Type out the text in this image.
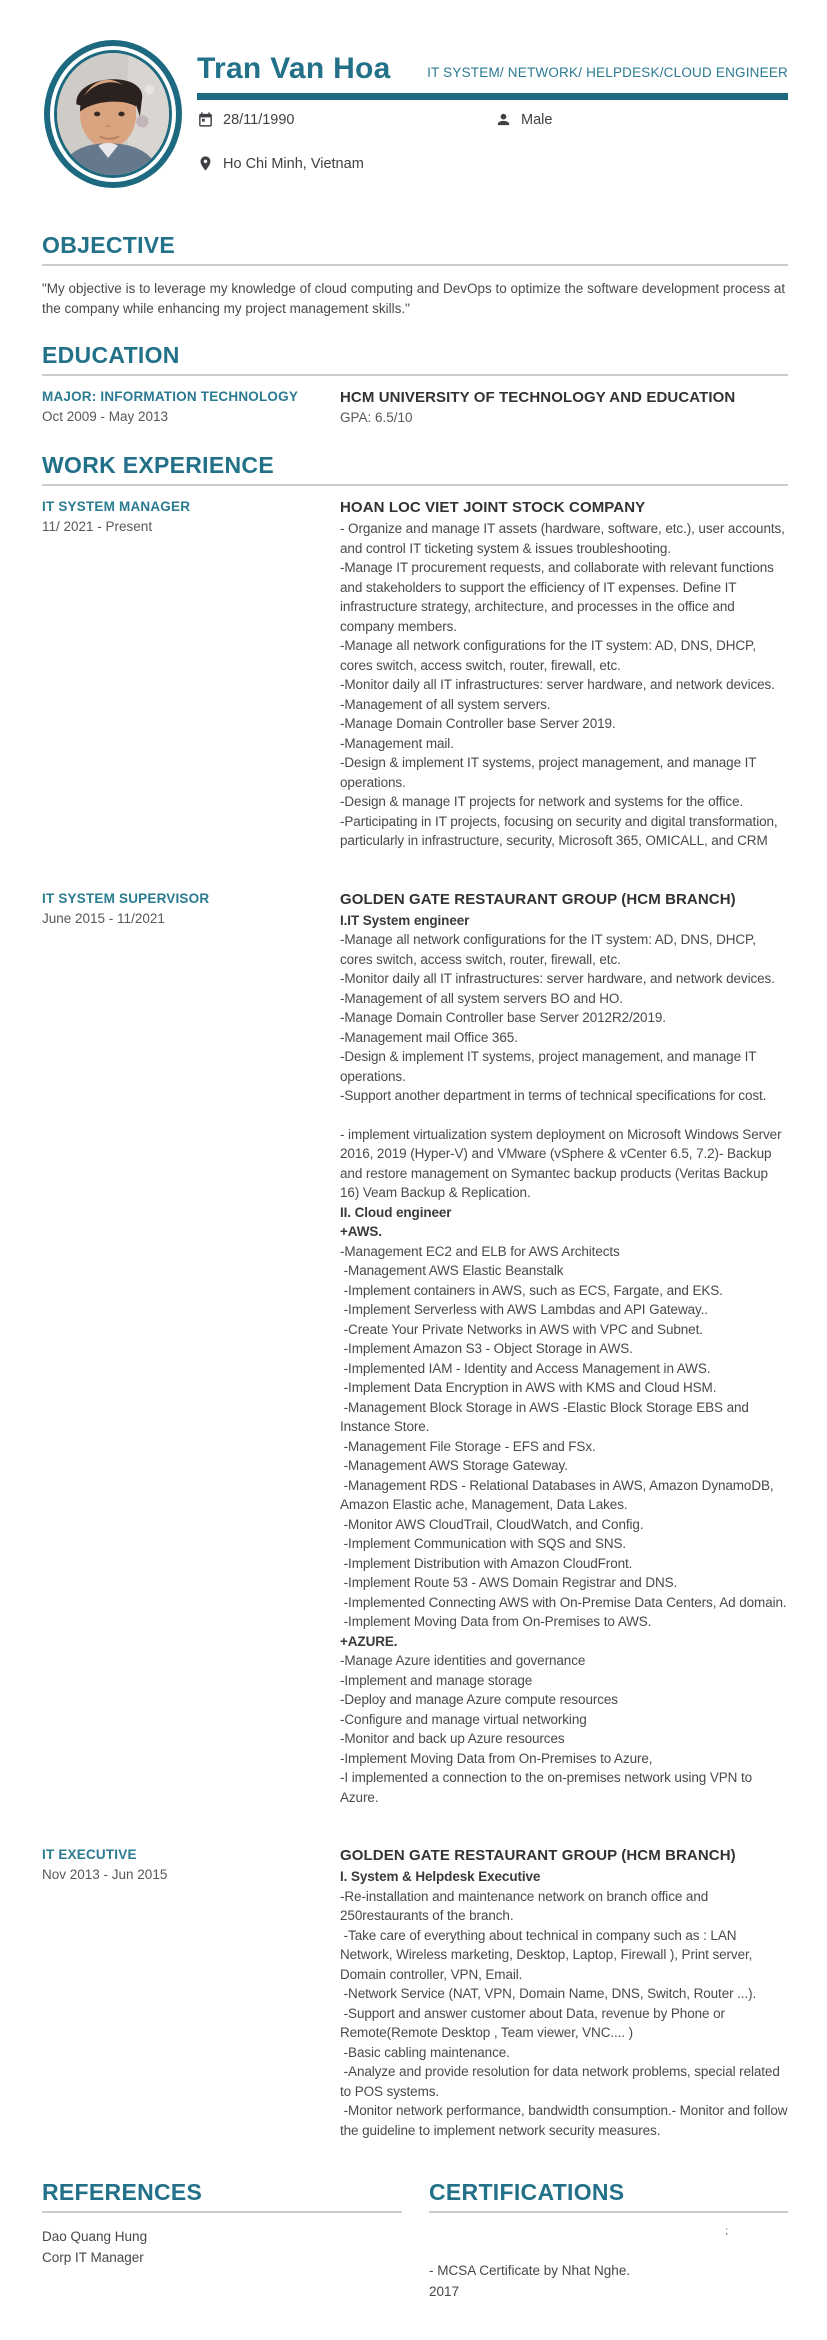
Tran Van Hoa	IT SYSTEM/ NETWORK/ HELPDESK/CLOUD ENGINEER
28/11/1990	Male
Ho Chi Minh, Vietnam
OBJECTIVE
"My objective is to leverage my knowledge of cloud computing and DevOps to optimize the software development process at the company while enhancing my project management skills."
EDUCATION
MAJOR: INFORMATION TECHNOLOGY
Oct 2009 - May 2013
HCM UNIVERSITY OF TECHNOLOGY AND EDUCATION
GPA: 6.5/10
WORK EXPERIENCE
IT SYSTEM MANAGER
11/ 2021 - Present
HOAN LOC VIET JOINT STOCK COMPANY
- Organize and manage IT assets (hardware, software, etc.), user accounts, and control IT ticketing system & issues troubleshooting.
-Manage IT procurement requests, and collaborate with relevant functions and stakeholders to support the efficiency of IT expenses. Define IT infrastructure strategy, architecture, and processes in the office and company members.
-Manage all network configurations for the IT system: AD, DNS, DHCP, cores switch, access switch, router, firewall, etc.
-Monitor daily all IT infrastructures: server hardware, and network devices.
-Management of all system servers.
-Manage Domain Controller base Server 2019.
-Management mail.
-Design & implement IT systems, project management, and manage IT operations.
-Design & manage IT projects for network and systems for the office.
-Participating in IT projects, focusing on security and digital transformation, particularly in infrastructure, security, Microsoft 365, OMICALL, and CRM
IT SYSTEM SUPERVISOR
June 2015 - 11/2021
GOLDEN GATE RESTAURANT GROUP (HCM BRANCH)
I.IT System engineer
-Manage all network configurations for the IT system: AD, DNS, DHCP, cores switch, access switch, router, firewall, etc.
-Monitor daily all IT infrastructures: server hardware, and network devices.
-Management of all system servers BO and HO.
-Manage Domain Controller base Server 2012R2/2019.
-Management mail Office 365.
-Design & implement IT systems, project management, and manage IT operations.
-Support another department in terms of technical specifications for cost.
- implement virtualization system deployment on Microsoft Windows Server 2016, 2019 (Hyper-V) and VMware (vSphere & vCenter 6.5, 7.2)- Backup and restore management on Symantec backup products (Veritas Backup 16) Veam Backup & Replication.
II. Cloud engineer
+AWS.
-Management EC2 and ELB for AWS Architects
-Management AWS Elastic Beanstalk
-Implement containers in AWS, such as ECS, Fargate, and EKS.
-Implement Serverless with AWS Lambdas and API Gateway..
-Create Your Private Networks in AWS with VPC and Subnet.
-Implement Amazon S3 - Object Storage in AWS.
-Implemented IAM - Identity and Access Management in AWS.
-Implement Data Encryption in AWS with KMS and Cloud HSM.
-Management Block Storage in AWS -Elastic Block Storage EBS and Instance Store.
-Management File Storage - EFS and FSx.
-Management AWS Storage Gateway.
-Management RDS - Relational Databases in AWS, Amazon DynamoDB, Amazon Elastic ache, Management, Data Lakes.
-Monitor AWS CloudTrail, CloudWatch, and Config.
-Implement Communication with SQS and SNS.
-Implement Distribution with Amazon CloudFront.
-Implement Route 53 - AWS Domain Registrar and DNS.
-Implemented Connecting AWS with On-Premise Data Centers, Ad domain.
-Implement Moving Data from On-Premises to AWS.
+AZURE.
-Manage Azure identities and governance
-Implement and manage storage
-Deploy and manage Azure compute resources
-Configure and manage virtual networking
-Monitor and back up Azure resources
-Implement Moving Data from On-Premises to Azure,
-I implemented a connection to the on-premises network using VPN to Azure.
IT EXECUTIVE
Nov 2013 - Jun 2015
GOLDEN GATE RESTAURANT GROUP (HCM BRANCH)
I. System & Helpdesk Executive
-Re-installation and maintenance network on branch office and 250restaurants of the branch.
-Take care of everything about technical in company such as : LAN Network, Wireless marketing, Desktop, Laptop, Firewall ), Print server, Domain controller, VPN, Email.
-Network Service (NAT, VPN, Domain Name, DNS, Switch, Router ...).
-Support and answer customer about Data, revenue by Phone or Remote(Remote Desktop , Team viewer, VNC.... )
-Basic cabling maintenance.
-Analyze and provide resolution for data network problems, special related to POS systems.
-Monitor network performance, bandwidth consumption.- Monitor and follow the guideline to implement network security measures.
REFERENCES
Dao Quang Hung
Corp IT Manager
CERTIFICATIONS
;
- MCSA Certificate by Nhat Nghe.
2017
